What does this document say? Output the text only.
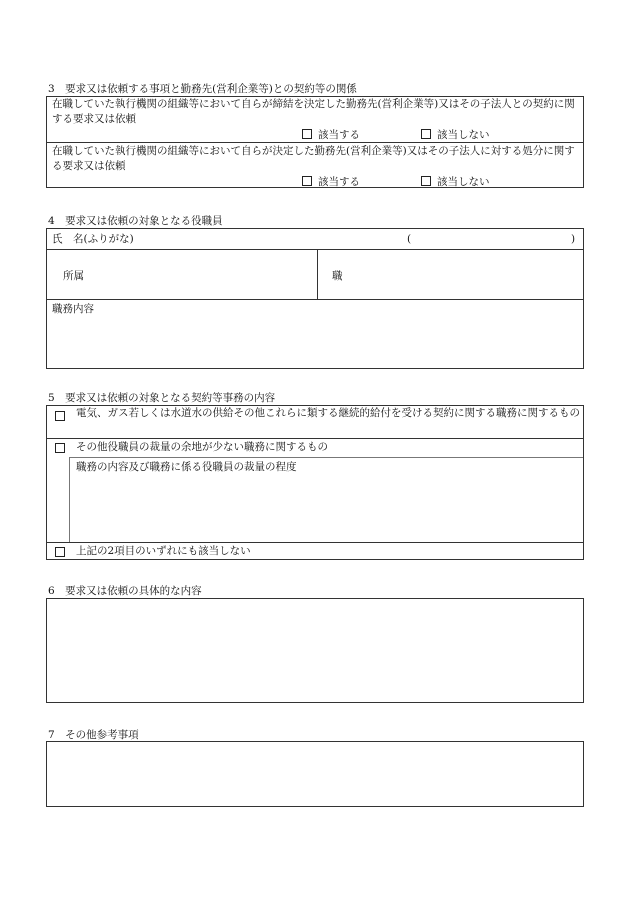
3　要求又は依頼する事項と勤務先(営利企業等)との契約等の関係
在職していた執行機関の組織等において自らが締結を決定した勤務先(営利企業等)又はその子法人との契約に関する要求又は依頼
該当する	該当しない
在職していた執行機関の組織等において自らが決定した勤務先(営利企業等)又はその子法人に対する処分に関する要求又は依頼
該当する	該当しない
4　要求又は依頼の対象となる役職員
氏　名(ふりがな)	(	)
所属	職
職務内容
5　要求又は依頼の対象となる契約等事務の内容
電気、ガス若しくは水道水の供給その他これらに類する継続的給付を受ける契約に関する職務に関するもの
その他役職員の裁量の余地が少ない職務に関するもの
職務の内容及び職務に係る役職員の裁量の程度
上記の2項目のいずれにも該当しない
6　要求又は依頼の具体的な内容
7　その他参考事項
